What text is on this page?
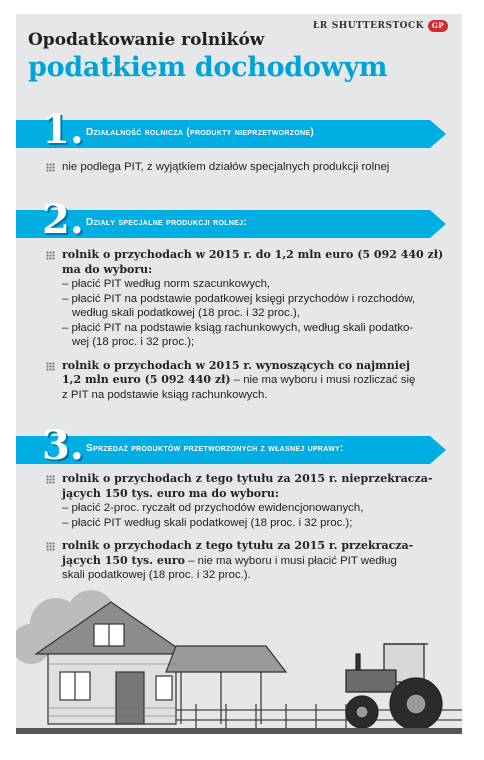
ŁR SHUTTERSTOCK	GP
Opodatkowanie rolników
podatkiem dochodowym
1. Działalność rolnicza (produkty nieprzetworzone)

nie podlega PIT, z wyjątkiem działów specjalnych produkcji rolnej

2. Działy specjalne produkcji rolnej:
rolnik o przychodach w 2015 r. do 1,2 mln euro (5 092 440 zł)
ma do wyboru:

– płacić PIT według norm szacunkowych,

– płacić PIT na podstawie podatkowej księgi przychodów i rozchodów,

według skali podatkowej (18 proc. i 32 proc.),

– płacić PIT na podstawie ksiąg rachunkowych, według skali podatko-

wej (18 proc. i 32 proc.);

rolnik o przychodach w 2015 r. wynoszących co najmniej
1,2 mln euro (5 092 440 zł) – nie ma wyboru i musi rozliczać się
z PIT na podstawie ksiąg rachunkowych.
3. Sprzedaż produktów przetworzonych z własnej uprawy:
rolnik o przychodach z tego tytułu za 2015 r. nieprzekracza-
jących 150 tys. euro ma do wyboru:

– płacić 2-proc. ryczałt od przychodów ewidencjonowanych,

– płacić PIT według skali podatkowej (18 proc. i 32 proc.);

rolnik o przychodach z tego tytułu za 2015 r. przekracza-
jących 150 tys. euro – nie ma wyboru i musi płacić PIT według
skali podatkowej (18 proc. i 32 proc.).
